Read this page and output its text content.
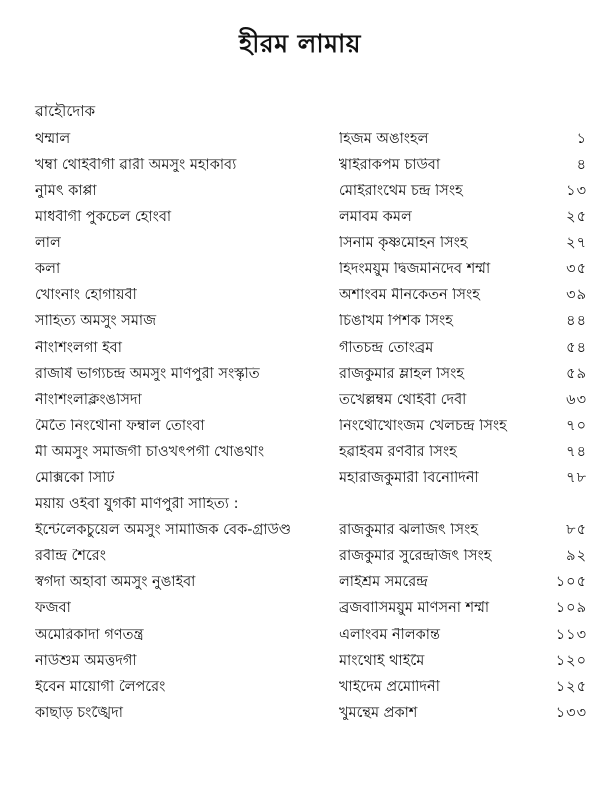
হীরম লামায়
ৱাহৌদোক
থম্মাল	হিজম অঙাংহল	১
খম্বা থোইবীগী ৱারী অমসুং মহাকাব্য	খ্বাইরাকপম চাউবা	৪
নুমিৎ কাপ্পা	মোইরাংথেম চন্দ্র সিংহ	১৩
মাধবীগী পুকচেল হোংবা	লমাবম কমল	২৫
লাল	সিনাম কৃষ্ণমোহন সিংহ	২৭
কলা	হিদংময়ুম দ্বিজমনিদেব শর্ম্মা	৩৫
খোংনাং হোগায়বী	অশাংবম মীনকেতন সিংহ	৩৯
সাহিত্য অমসুং সমাজ	চিঙাখম পিশক সিংহ	৪৪
নীংশিংলগা ইবা	গীতচন্দ্র তোংব্রম	৫৪
রাজর্ষি ভাগ্যচন্দ্র অমসুং মণিপুরী সংস্কৃতি	রাজকুমার ম্লাহল সিংহ	৫৯
নীংশিংলক্লিংঙসিদা	তখেল্লম্বম থোইবী দেবী	৬৩
মৈতৈ নিংথৌনা ফম্বাল তোংবা	নিংথৌখোংজম খেলচন্দ্র সিংহ	৭০
মী অমসুং সমাজগী চাওখৎপগী খোঙথাং	হৱাইবম রণবীর সিংহ	৭৪
মেক্সিকো সিটি	মহারাজকুমারী বিনোদিনী	৭৮
ময়ায় ওইবা যুগকী মণিপুরী সাহিত্য :
ইন্টেলেকচুয়েল অমসুং সামাজিক বেক-গ্রাউণ্ড	রাজকুমার ঝলজিৎ সিংহ	৮৫
রবীন্দ্র শৈরেং	রাজকুমার সুরেন্দ্রজিৎ সিংহ	৯২
স্বর্গদা অহাবা অমসুং নুঙাইবা	লাইশ্রম সমরেন্দ্র	১০৫
ফজবা	ব্রজবাসিময়ুম মণিসনা শর্ম্মা	১০৯
অমেরিকাদা গণতন্ত্র	এলাংবম নীলকান্ত	১১৩
নাউশুম অমত্তদগী	মাংথোই থাইমৈ	১২০
ইবেন মায়োগী লৈপরেং	খাইদেম প্রমোদিনী	১২৫
কাছাড় চংঙ্খৈদা	খুমন্থেম প্রকাশ	১৩৩
